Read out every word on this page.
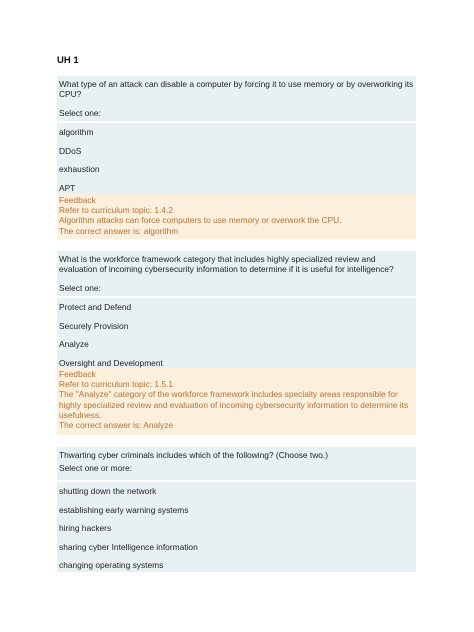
UH 1
What type of an attack can disable a computer by forcing it to use memory or by overworking its CPU?
Select one:
algorithm
DDoS
exhaustion
APT
Feedback
Refer to curriculum topic: 1.4.2
Algorithm attacks can force computers to use memory or overwork the CPU.
The correct answer is: algorithm
What is the workforce framework category that includes highly specialized review and evaluation of incoming cybersecurity information to determine if it is useful for intelligence?
Select one:
Protect and Defend
Securely Provision
Analyze
Oversight and Development
Feedback
Refer to curriculum topic: 1.5.1
The "Analyze" category of the workforce framework includes specialty areas responsible for highly specialized review and evaluation of incoming cybersecurity information to determine its usefulness.
The correct answer is: Analyze
Thwarting cyber criminals includes which of the following? (Choose two.)
Select one or more:
shutting down the network
establishing early warning systems
hiring hackers
sharing cyber Intelligence information
changing operating systems
